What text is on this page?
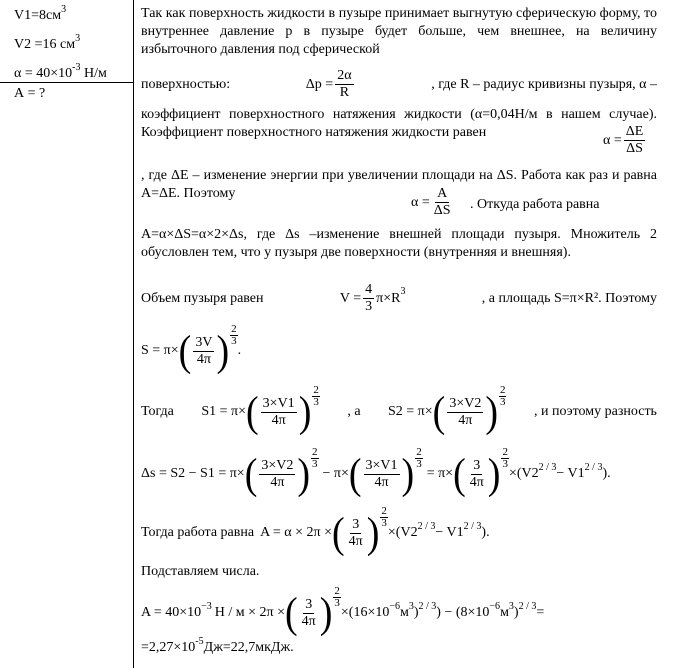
$V1=8см^3$
V2 =16 $см^3$
$\alpha = 40\times 10^{-3}$ Н/м
А = ?

Так как поверхность жидкости в пузыре принимает выгнутую сферическую форму, то внутреннее давление р в пузыре будет больше, чем внешнее, на величину избыточного давления под сферической

поверхностью:	$\Delta p = \frac{2\alpha}{R}$	, где R – радиус кривизны пузыря, α –

коэффициент поверхностного натяжения жидкости (α=0,04Н/м в нашем случае). Коэффициент поверхностного натяжения жидкости равен	$\alpha = \frac{\Delta E}{\Delta S}$

, где ΔE – изменение энергии при увеличении площади на ΔS. Работа как раз и равна А=ΔE. Поэтому

$\alpha = \frac{A}{\Delta S}$ . Откуда работа равна

А=α×ΔS=α×2×Δs, где Δs –изменение внешней площади пузыря. Множитель 2 обусловлен тем, что у пузыря две поверхности (внутренняя и внешняя).

Объем пузыря равен	$V = \frac{4}{3} \pi\times R$ 3	, а площадь S=π×R². Поэтому
S = π× ( $\frac{3V}{4\pi}$ ) 2
3
.
Тогда S1 = π× ( $\frac{3\times V1}{4\pi}$ ) 2
3
, а S2 = π× ( $\frac{3\times V2}{4\pi}$ ) 2
3
, и поэтому разность
Δs = S2 − S1 = π× ( $\frac{3\times V2}{4\pi}$ ) 2
3
− π× ( $\frac{3\times V1}{4\pi}$ ) $\frac{2}{3}$
= π× ( $\frac{3}{4\pi}$ ) $\frac{2}{3}$
×(V2 2 / 3 − V1 2 / 3 ) .
Тогда работа равна A = α × 2π × ( $\frac{3}{4\pi}$ ) $\frac{2}{3}$
×(V2 2 / 3 − V1 2 / 3 ) .
Подставляем числа.
A = 40×10 −3 Н / м × 2π × ( $\frac{3}{4\pi}$ ) $\frac{2}{3}$
×(16×10 −6 м 3 ) 2 / 3 ) − (8×10 −6 м 3 ) 2 / 3 =
$=2,27\times 10^{-5}Дж=22,7мкДж$.
